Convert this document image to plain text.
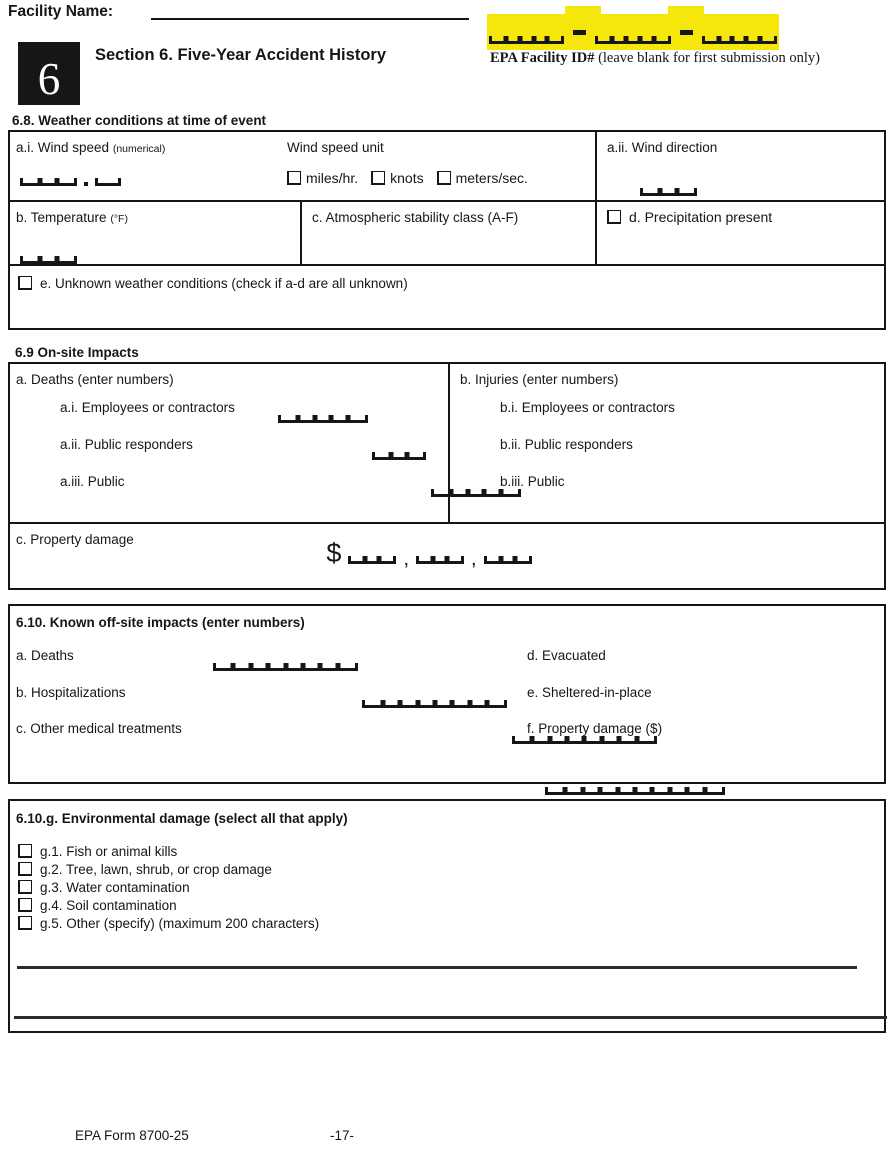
Facility Name:
EPA Facility ID# (leave blank for first submission only)
6	Section 6. Five-Year Accident History
6.8. Weather conditions at time of event
a.i. Wind speed (numerical)	Wind speed unit
miles/hr. knots meters/sec.
a.ii. Wind direction
b. Temperature (°F)	c. Atmospheric stability class (A-F)	d. Precipitation present
e. Unknown weather conditions (check if a-d are all unknown)
6.9 On-site Impacts
a. Deaths (enter numbers)
a.i. Employees or contractors

a.ii. Public responders

a.iii. Public

b. Injuries (enter numbers)
b.i. Employees or contractors

b.ii. Public responders

b.iii. Public
c. Property damage	$	,	,
6.10. Known off-site impacts (enter numbers)
a. Deaths

b. Hospitalizations

c. Other medical treatments

d. Evacuated

e. Sheltered-in-place

f. Property damage ($)
6.10.g. Environmental damage (select all that apply)
g.1. Fish or animal kills
g.2. Tree, lawn, shrub, or crop damage
g.3. Water contamination
g.4. Soil contamination
g.5. Other (specify) (maximum 200 characters)
EPA Form 8700-25	-17-
